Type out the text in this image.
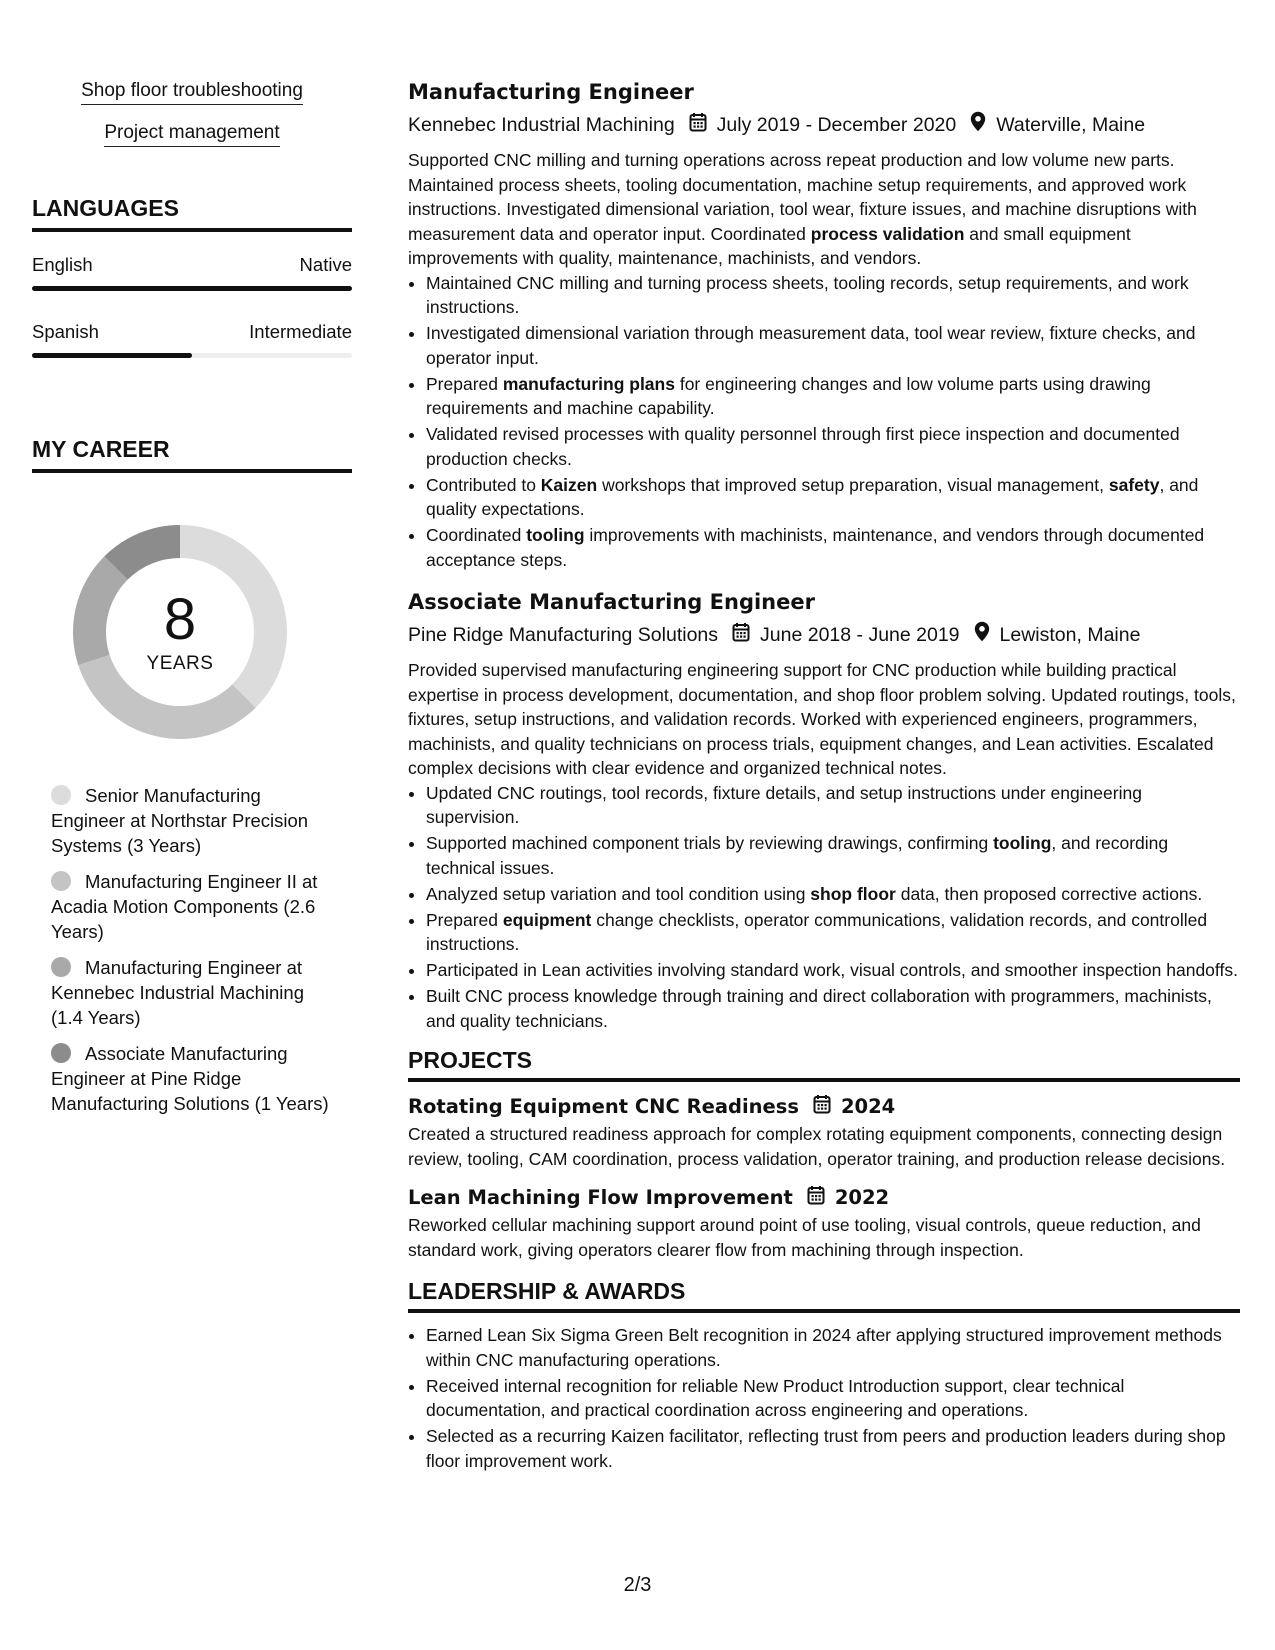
Shop floor troubleshooting
Project management
LANGUAGES
English	Native
Spanish	Intermediate
MY CAREER
8
YEARS
Senior Manufacturing Engineer at Northstar Precision Systems (3 Years)
Manufacturing Engineer II at Acadia Motion Components (2.6 Years)
Manufacturing Engineer at Kennebec Industrial Machining (1.4 Years)
Associate Manufacturing Engineer at Pine Ridge Manufacturing Solutions (1 Years)
Manufacturing Engineer
Kennebec Industrial Machining July 2019 - December 2020 Waterville, Maine

Supported CNC milling and turning operations across repeat production and low volume new parts. Maintained process sheets, tooling documentation, machine setup requirements, and approved work instructions. Investigated dimensional variation, tool wear, fixture issues, and machine disruptions with measurement data and operator input. Coordinated process validation and small equipment improvements with quality, maintenance, machinists, and vendors.

• Maintained CNC milling and turning process sheets, tooling records, setup requirements, and work instructions.
• Investigated dimensional variation through measurement data, tool wear review, fixture checks, and operator input.
• Prepared manufacturing plans for engineering changes and low volume parts using drawing requirements and machine capability.
• Validated revised processes with quality personnel through first piece inspection and documented production checks.
• Contributed to Kaizen workshops that improved setup preparation, visual management, safety, and quality expectations.
• Coordinated tooling improvements with machinists, maintenance, and vendors through documented acceptance steps.
Associate Manufacturing Engineer
Pine Ridge Manufacturing Solutions June 2018 - June 2019 Lewiston, Maine

Provided supervised manufacturing engineering support for CNC production while building practical expertise in process development, documentation, and shop floor problem solving. Updated routings, tools, fixtures, setup instructions, and validation records. Worked with experienced engineers, programmers, machinists, and quality technicians on process trials, equipment changes, and Lean activities. Escalated complex decisions with clear evidence and organized technical notes.

• Updated CNC routings, tool records, fixture details, and setup instructions under engineering supervision.
• Supported machined component trials by reviewing drawings, confirming tooling, and recording technical issues.
• Analyzed setup variation and tool condition using shop floor data, then proposed corrective actions.
• Prepared equipment change checklists, operator communications, validation records, and controlled instructions.
• Participated in Lean activities involving standard work, visual controls, and smoother inspection handoffs.
• Built CNC process knowledge through training and direct collaboration with programmers, machinists, and quality technicians.
PROJECTS
Rotating Equipment CNC Readiness 2024

Created a structured readiness approach for complex rotating equipment components, connecting design review, tooling, CAM coordination, process validation, operator training, and production release decisions.

Lean Machining Flow Improvement 2022

Reworked cellular machining support around point of use tooling, visual controls, queue reduction, and standard work, giving operators clearer flow from machining through inspection.

LEADERSHIP & AWARDS
• Earned Lean Six Sigma Green Belt recognition in 2024 after applying structured improvement methods within CNC manufacturing operations.
• Received internal recognition for reliable New Product Introduction support, clear technical documentation, and practical coordination across engineering and operations.
• Selected as a recurring Kaizen facilitator, reflecting trust from peers and production leaders during shop floor improvement work.
2/3
